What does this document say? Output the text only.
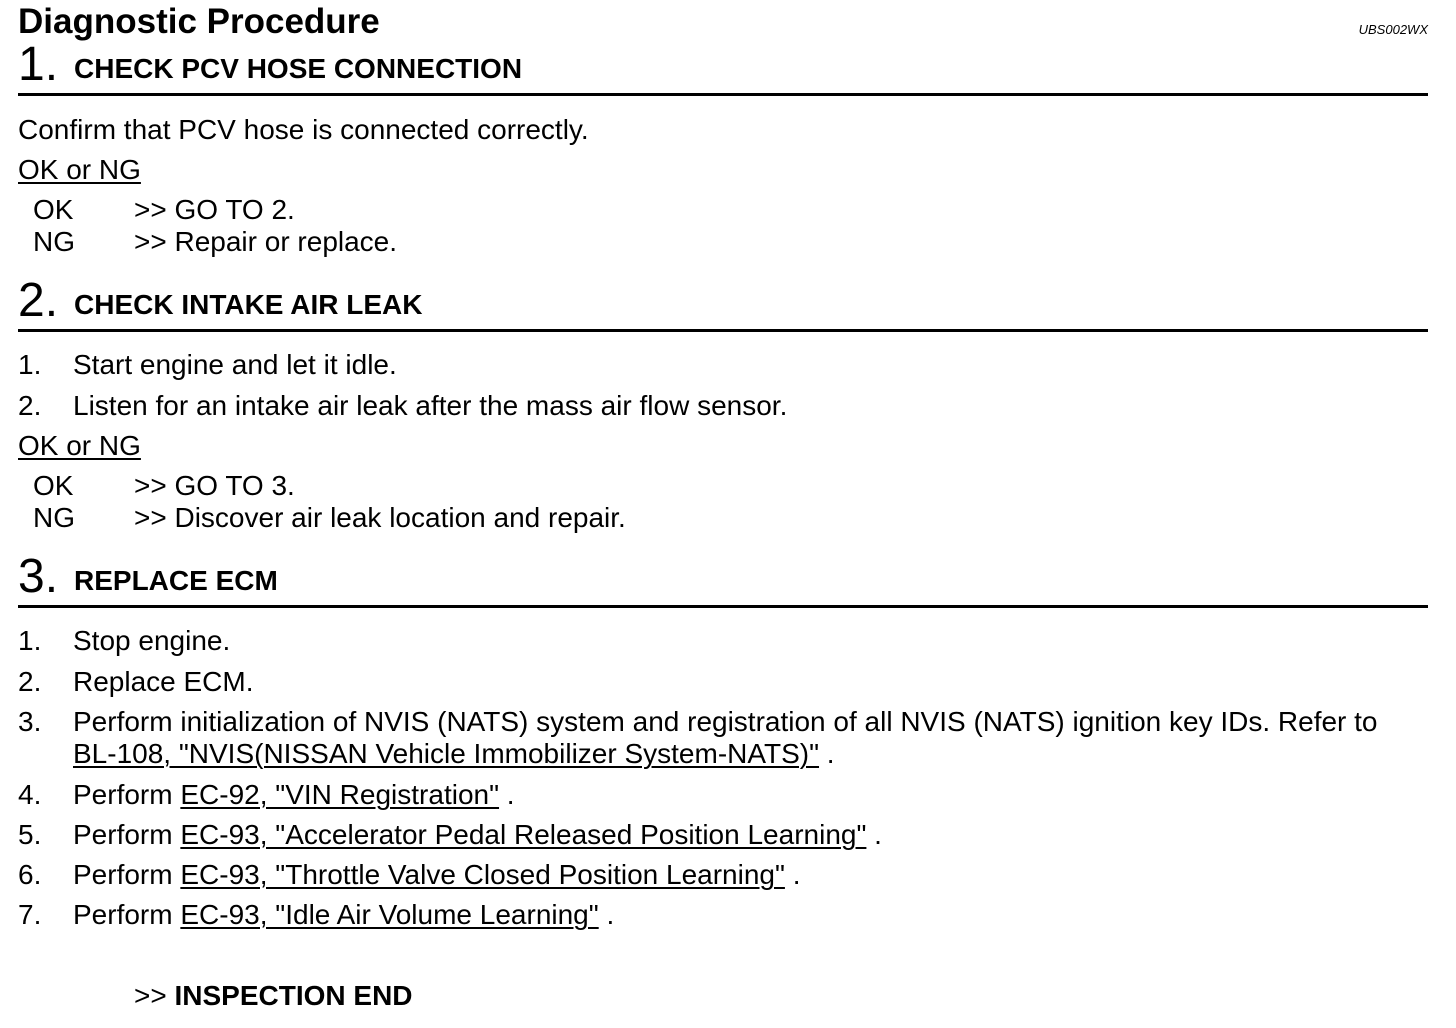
Diagnostic Procedure	UBS002WX
1. CHECK PCV HOSE CONNECTION
Confirm that PCV hose is connected correctly.
OK or NG
OK >> GO TO 2.
NG >> Repair or replace.
2. CHECK INTAKE AIR LEAK
1. Start engine and let it idle.
2. Listen for an intake air leak after the mass air flow sensor.
OK or NG
OK >> GO TO 3.
NG >> Discover air leak location and repair.
3. REPLACE ECM
1. Stop engine.
2. Replace ECM.
3. Perform initialization of NVIS (NATS) system and registration of all NVIS (NATS) ignition key IDs. Refer to
BL-108, "NVIS(NISSAN Vehicle Immobilizer System-NATS)" .
4. Perform EC-92, "VIN Registration" .
5. Perform EC-93, "Accelerator Pedal Released Position Learning" .
6. Perform EC-93, "Throttle Valve Closed Position Learning" .
7. Perform EC-93, "Idle Air Volume Learning" .
>> INSPECTION END
